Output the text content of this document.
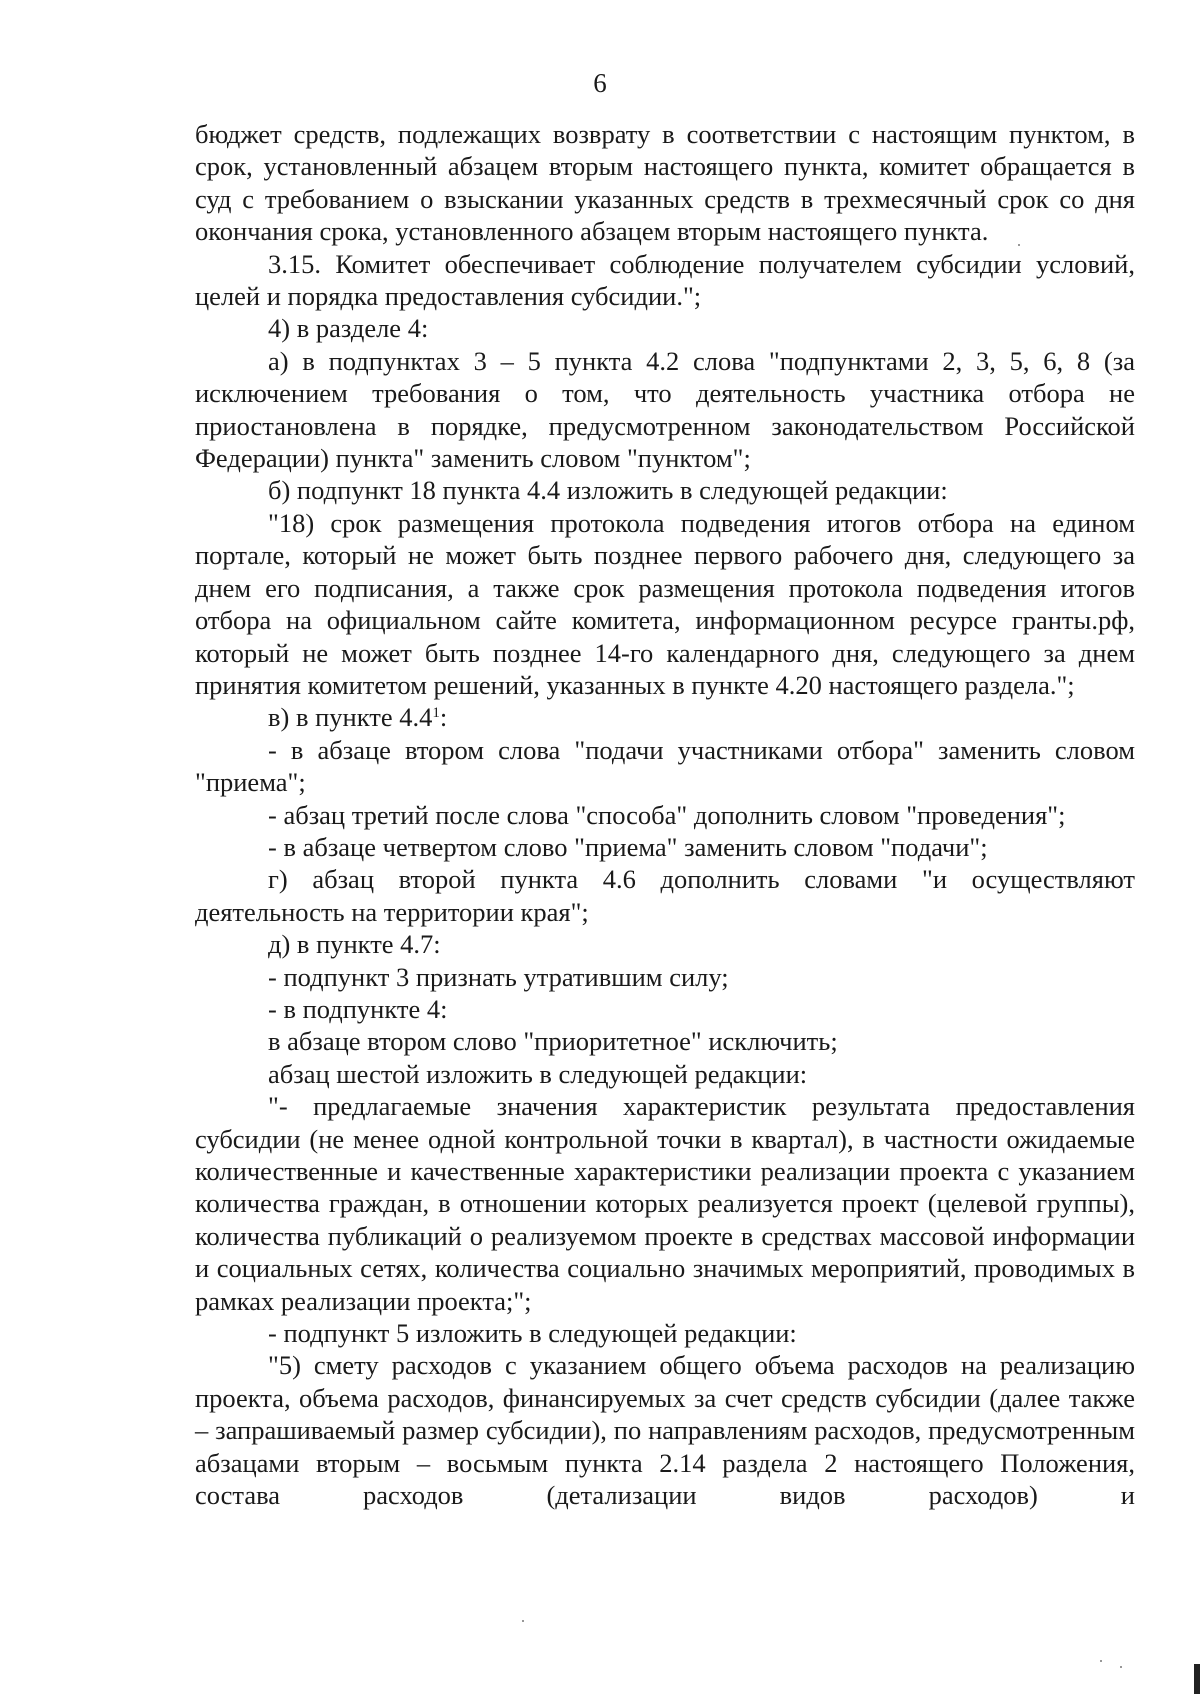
6

бюджет средств, подлежащих возврату в соответствии с настоящим пунктом, в срок, установленный абзацем вторым настоящего пункта, комитет обращается в суд с требованием о взыскании указанных средств в трехмесячный срок со дня окончания срока, установленного абзацем вторым настоящего пункта.

3.15. Комитет обеспечивает соблюдение получателем субсидии условий, целей и порядка предоставления субсидии.";

4) в разделе 4:

а) в подпунктах 3 – 5 пункта 4.2 слова "подпунктами 2, 3, 5, 6, 8 (за исключением требования о том, что деятельность участника отбора не приостановлена в порядке, предусмотренном законодательством Российской Федерации) пункта" заменить словом "пунктом";

б) подпункт 18 пункта 4.4 изложить в следующей редакции:

"18) срок размещения протокола подведения итогов отбора на едином портале, который не может быть позднее первого рабочего дня, следующего за днем его подписания, а также срок размещения протокола подведения итогов отбора на официальном сайте комитета, информационном ресурсе гранты.рф, который не может быть позднее 14-го календарного дня, следующего за днем принятия комитетом решений, указанных в пункте 4.20 настоящего раздела.";

в) в пункте $4.4^1$:

- в абзаце втором слова "подачи участниками отбора" заменить словом "приема";

- абзац третий после слова "способа" дополнить словом "проведения";

- в абзаце четвертом слово "приема" заменить словом "подачи";

г) абзац второй пункта 4.6 дополнить словами "и осуществляют деятельность на территории края";

д) в пункте 4.7:

- подпункт 3 признать утратившим силу;

- в подпункте 4:

в абзаце втором слово "приоритетное" исключить;

абзац шестой изложить в следующей редакции:

"- предлагаемые значения характеристик результата предоставления субсидии (не менее одной контрольной точки в квартал), в частности ожидаемые количественные и качественные характеристики реализации проекта с указанием количества граждан, в отношении которых реализуется проект (целевой группы), количества публикаций о реализуемом проекте в средствах массовой информации и социальных сетях, количества социально значимых мероприятий, проводимых в рамках реализации проекта;";

- подпункт 5 изложить в следующей редакции:

"5) смету расходов с указанием общего объема расходов на реализацию проекта, объема расходов, финансируемых за счет средств субсидии (далее также – запрашиваемый размер субсидии), по направлениям расходов, предусмотренным абзацами вторым – восьмым пункта 2.14 раздела 2 настоящего Положения, состава расходов (детализации видов расходов) и
